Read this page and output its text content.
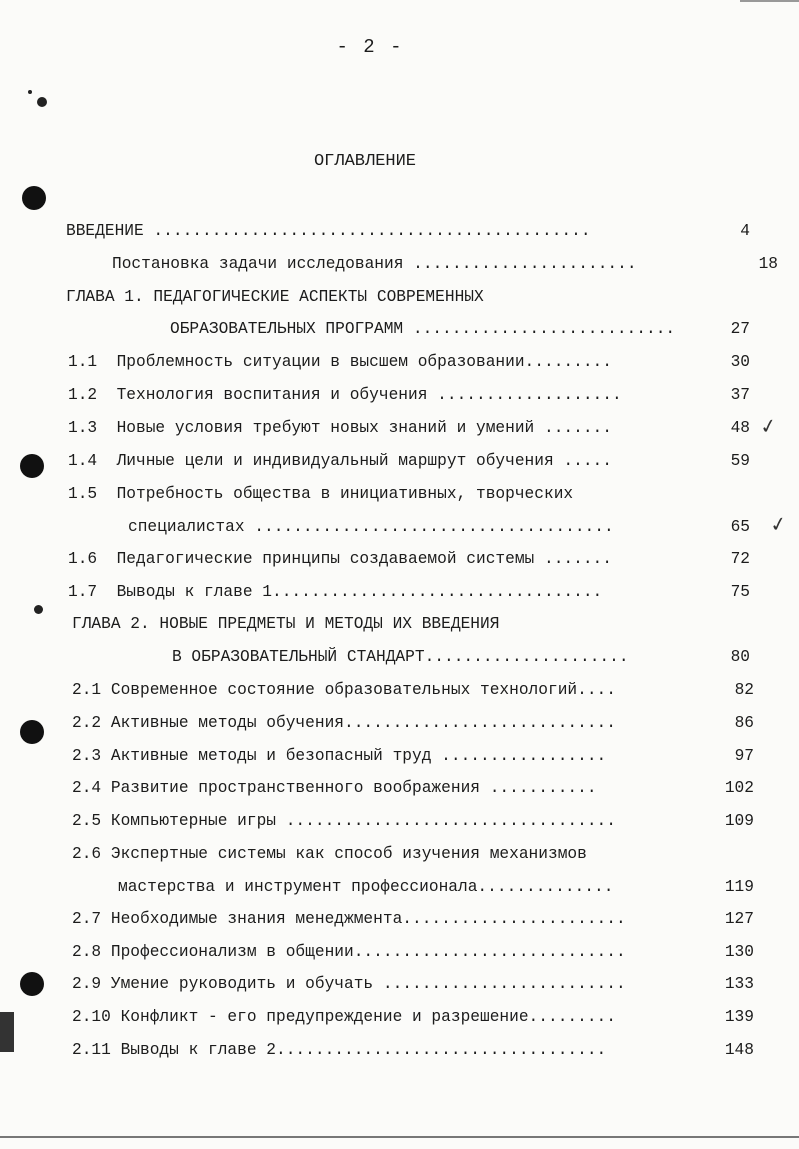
- 2 -
ОГЛАВЛЕНИЕ
ВВЕДЕНИЕ .............................................	4
Постановка задачи исследования .......................	18
ГЛАВА 1. ПЕДАГОГИЧЕСКИЕ АСПЕКТЫ СОВРЕМЕННЫХ
ОБРАЗОВАТЕЛЬНЫХ ПРОГРАММ ...........................	27
1.1  Проблемность ситуации в высшем образовании.........	30
1.2  Технология воспитания и обучения ...................	37
1.3  Новые условия требуют новых знаний и умений .......	48
1.4  Личные цели и индивидуальный маршрут обучения .....	59
1.5  Потребность общества в инициативных, творческих
специалистах .....................................	65
1.6  Педагогические принципы создаваемой системы .......	72
1.7  Выводы к главе 1..................................	75
ГЛАВА 2. НОВЫЕ ПРЕДМЕТЫ И МЕТОДЫ ИХ ВВЕДЕНИЯ
В ОБРАЗОВАТЕЛЬНЫЙ СТАНДАРТ.....................	80
2.1 Современное состояние образовательных технологий....	82
2.2 Активные методы обучения............................	86
2.3 Активные методы и безопасный труд .................	97
2.4 Развитие пространственного воображения ...........	102
2.5 Компьютерные игры ..................................	109
2.6 Экспертные системы как способ изучения механизмов
мастерства и инструмент профессионала..............	119
2.7 Необходимые знания менеджмента.......................	127
2.8 Профессионализм в общении............................	130
2.9 Умение руководить и обучать .........................	133
2.10 Конфликт - его предупреждение и разрешение.........	139
2.11 Выводы к главе 2..................................	148
✓
✓
